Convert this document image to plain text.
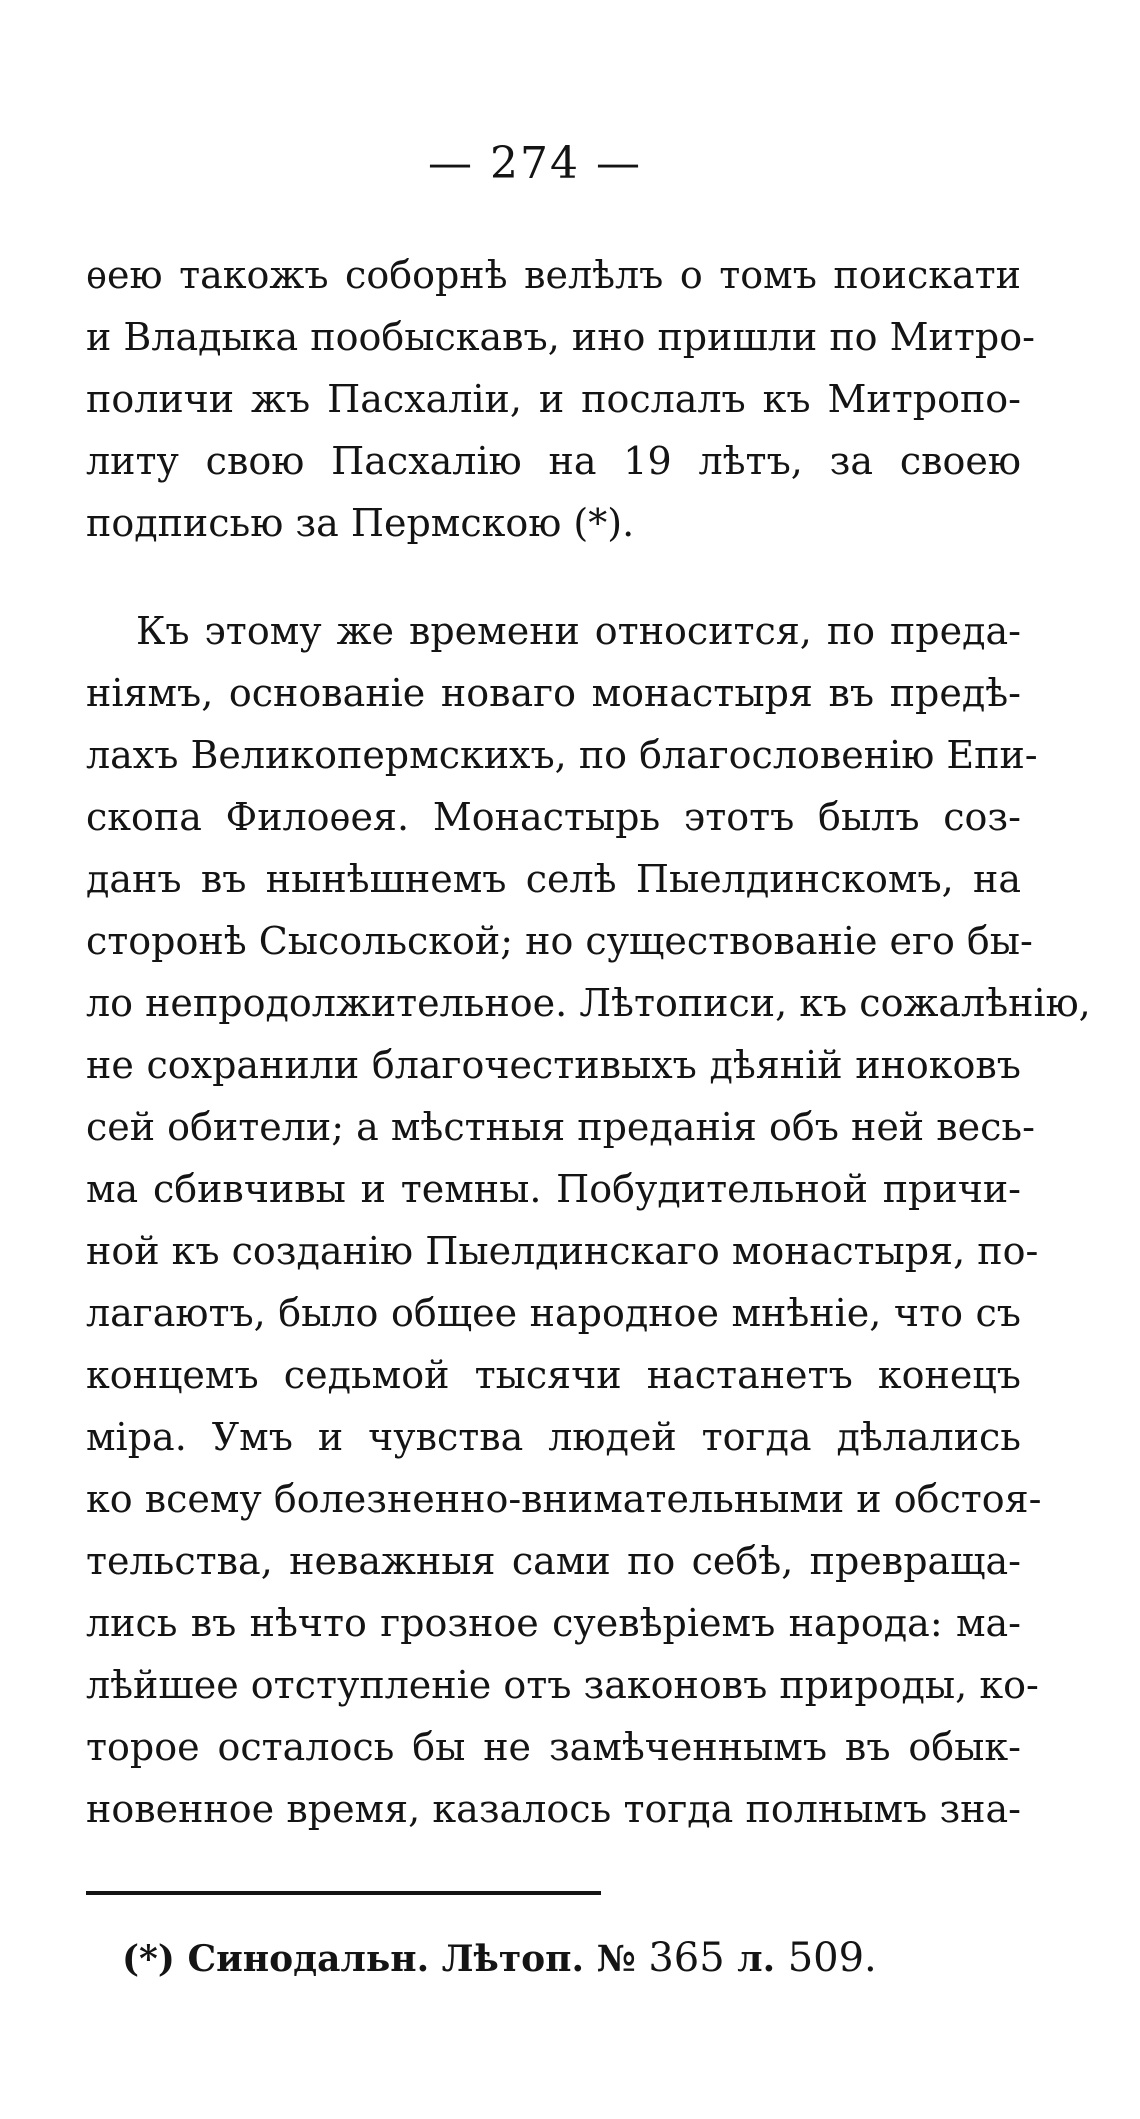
— 274 —
ѳею такожъ соборнѣ велѣлъ о томъ поискати
и Владыка пообыскавъ, ино пришли по Митро-
поличи жъ Пасхаліи, и послалъ къ Митропо-
литу свою Пасхалію на 19 лѣтъ, за своею
подписью за Пермскою (*).
Къ этому же времени относится, по преда-
ніямъ, основаніе новаго монастыря въ предѣ-
лахъ Великопермскихъ, по благословенію Епи-
скопа Филоѳея. Монастырь этотъ былъ соз-
данъ въ нынѣшнемъ селѣ Пыелдинскомъ, на
сторонѣ Сысольской; но существованіе его бы-
ло непродолжительное. Лѣтописи, къ сожалѣнію,
не сохранили благочестивыхъ дѣяній иноковъ
сей обители; а мѣстныя преданія объ ней весь-
ма сбивчивы и темны. Побудительной причи-
ной къ созданію Пыелдинскаго монастыря, по-
лагаютъ, было общее народное мнѣніе, что съ
концемъ седьмой тысячи настанетъ конецъ
міра. Умъ и чувства людей тогда дѣлались
ко всему болезненно-внимательными и обстоя-
тельства, неважныя сами по себѣ, превраща-
лись въ нѣчто грозное суевѣріемъ народа: ма-
лѣйшее отступленіе отъ законовъ природы, ко-
торое осталось бы не замѣченнымъ въ обык-
новенное время, казалось тогда полнымъ зна-
(*) Синодальн. Лѣтоп. № 365 л. 509.
